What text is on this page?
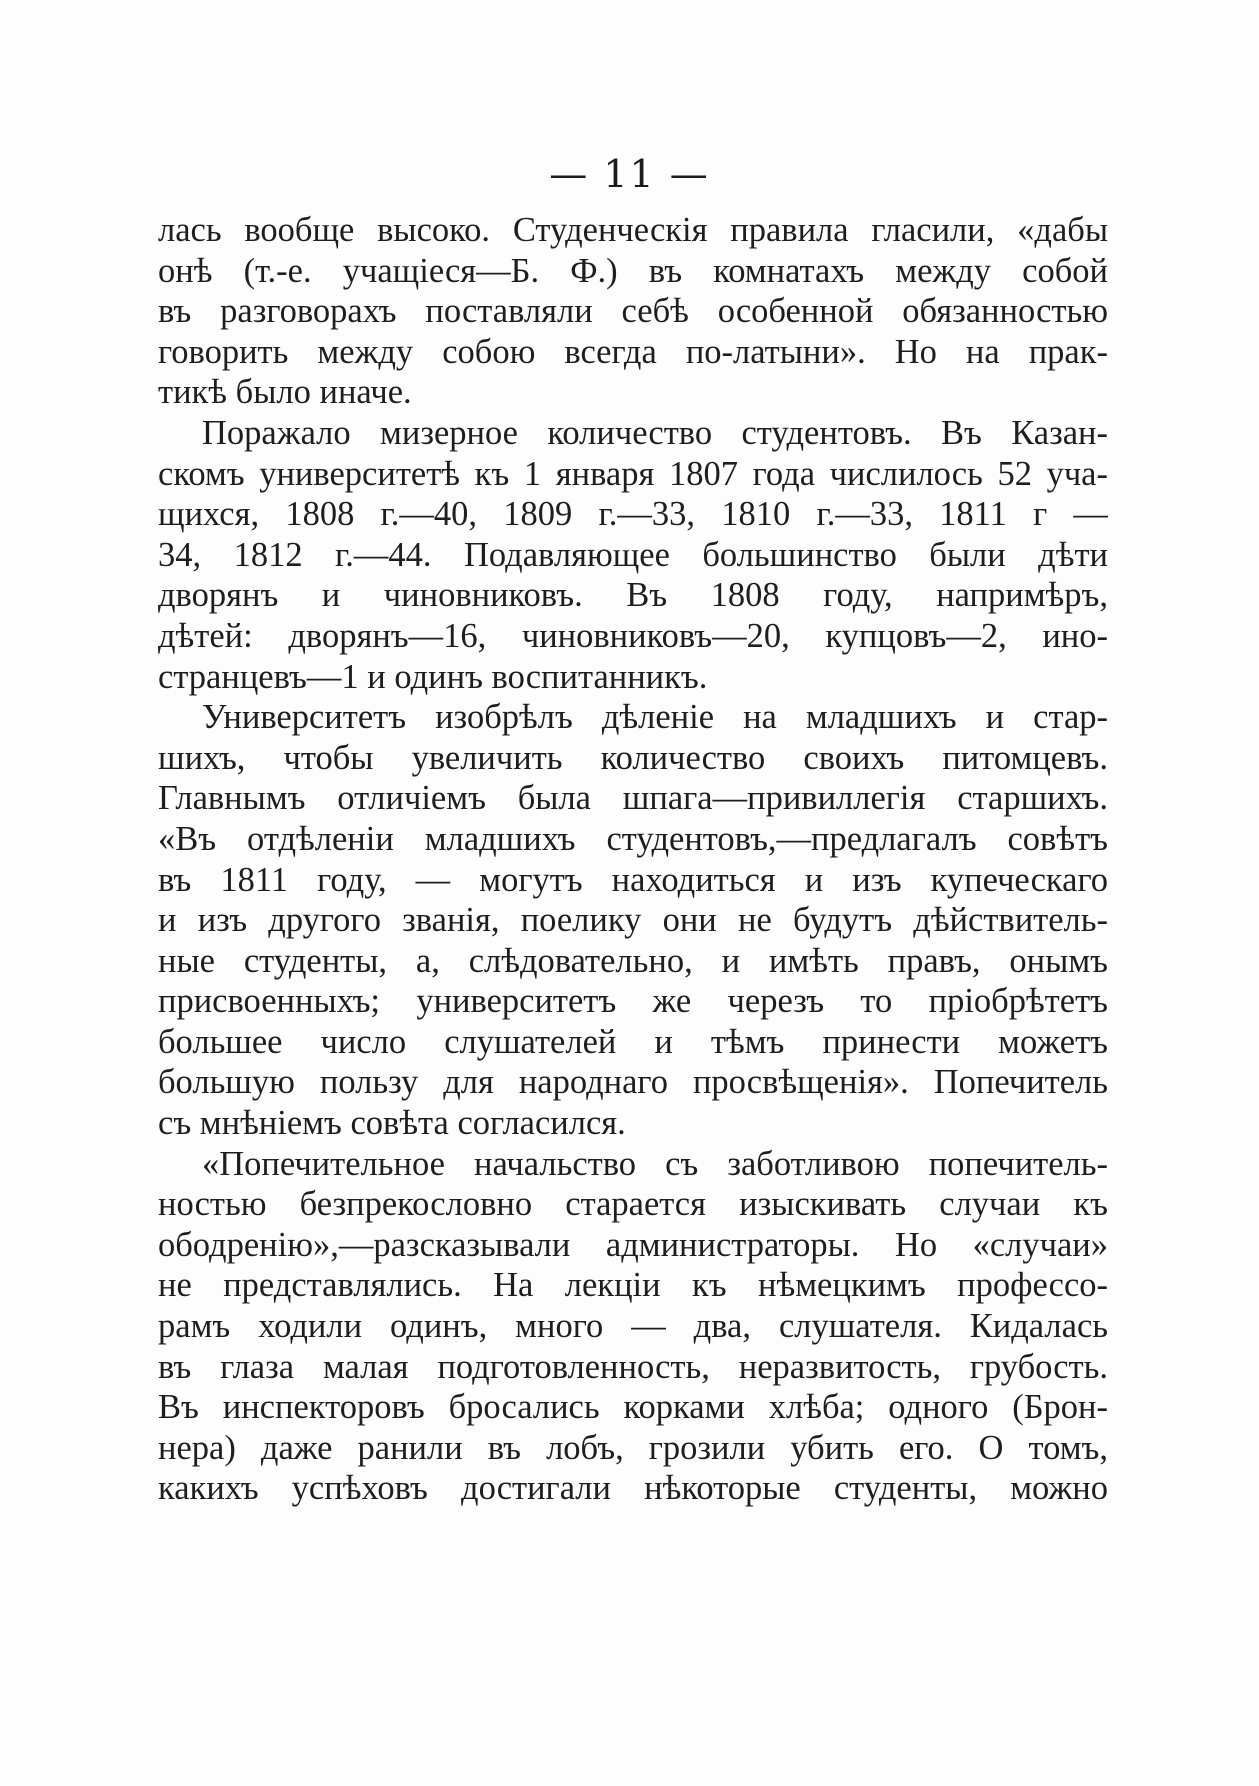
— 11 —
лась вообще высоко. Студенческія правила гласили, «дабы
онѣ (т.-е. учащіеся—Б. Ф.) въ комнатахъ между собой
въ разговорахъ поставляли себѣ особенной обязанностью
говорить между собою всегда по-латыни». Но на прак-
тикѣ было иначе.
Поражало мизерное количество студентовъ. Въ Казан-
скомъ университетѣ къ 1 января 1807 года числилось 52 уча-
щихся, 1808 г.—40, 1809 г.—33, 1810 г.—33, 1811 г —
34, 1812 г.—44. Подавляющее большинство были дѣти
дворянъ и чиновниковъ. Въ 1808 году, напримѣръ,
дѣтей: дворянъ—16, чиновниковъ—20, купцовъ—2, ино-
странцевъ—1 и одинъ воспитанникъ.
Университетъ изобрѣлъ дѣленіе на младшихъ и стар-
шихъ, чтобы увеличить количество своихъ питомцевъ.
Главнымъ отличіемъ была шпага—привиллегія старшихъ.
«Въ отдѣленіи младшихъ студентовъ,—предлагалъ совѣтъ
въ 1811 году, — могутъ находиться и изъ купеческаго
и изъ другого званія, поелику они не будутъ дѣйствитель-
ные студенты, а, слѣдовательно, и имѣть правъ, онымъ
присвоенныхъ; университетъ же черезъ то пріобрѣтетъ
большее число слушателей и тѣмъ принести можетъ
большую пользу для народнаго просвѣщенія». Попечитель
съ мнѣніемъ совѣта согласился.
«Попечительное начальство съ заботливою попечитель-
ностью безпрекословно старается изыскивать случаи къ
ободренію»,—разсказывали администраторы. Но «случаи»
не представлялись. На лекціи къ нѣмецкимъ профессо-
рамъ ходили одинъ, много — два, слушателя. Кидалась
въ глаза малая подготовленность, неразвитость, грубость.
Въ инспекторовъ бросались корками хлѣба; одного (Брон-
нера) даже ранили въ лобъ, грозили убить его. О томъ,
какихъ успѣховъ достигали нѣкоторые студенты, можно
